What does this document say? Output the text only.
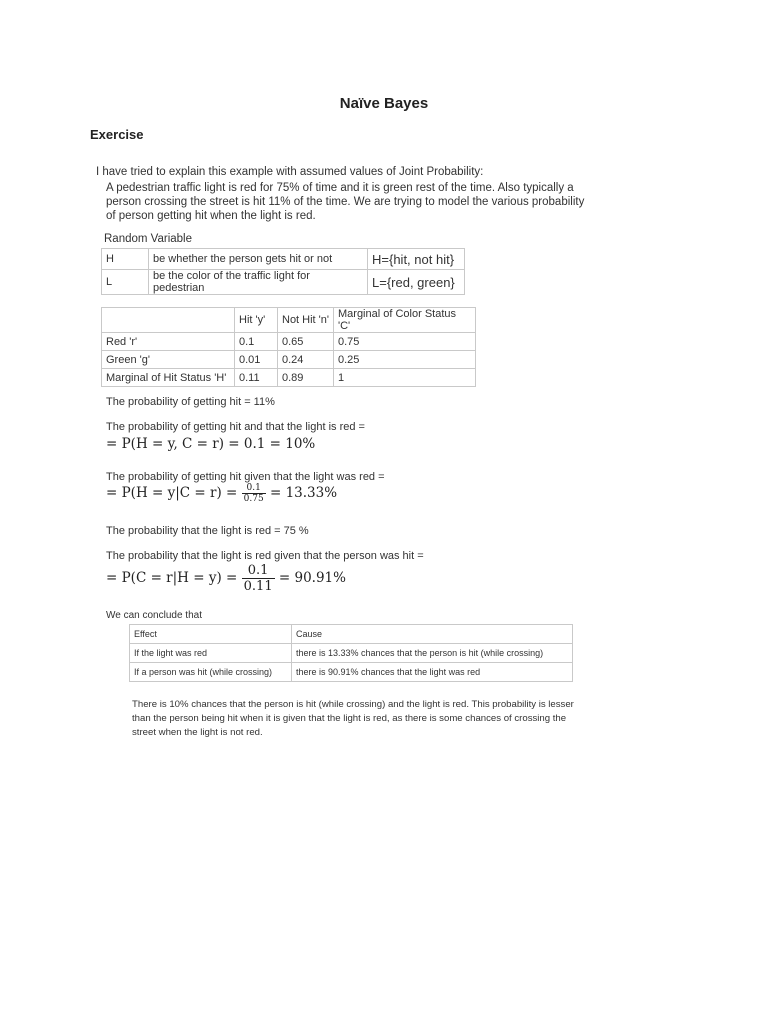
Naïve Bayes
Exercise
I have tried to explain this example with assumed values of Joint Probability:
A pedestrian traffic light is red for 75% of time and it is green rest of the time. Also typically a person crossing the street is hit 11% of the time. We are trying to model the various probability of person getting hit when the light is red.
Random Variable
H	be whether the person gets hit or not	H={hit, not hit}
L	be the color of the traffic light for pedestrian	L={red, green}
	Hit 'y'	Not Hit 'n'	Marginal of Color Status 'C'
Red 'r'	0.1	0.65	0.75
Green 'g'	0.01	0.24	0.25
Marginal of Hit Status 'H'	0.11	0.89	1
The probability of getting hit = 11%
The probability of getting hit and that the light is red =
= P(H = y, C = r) = 0.1 = 10%
The probability of getting hit given that the light was red =
= $P(H = y|C = r) = \frac{0.1}{0.75} = 13.33\%$
The probability that the light is red = 75 %
The probability that the light is red given that the person was hit =
= $P(C = r|H = y) = \frac{0.1}{0.11} = 90.91\%$
We can conclude that
Effect	Cause
If the light was red	there is 13.33% chances that the person is hit (while crossing)
If a person was hit (while crossing)	there is 90.91% chances that the light was red
There is 10% chances that the person is hit (while crossing) and the light is red. This probability is lesser than the person being hit when it is given that the light is red, as there is some chances of crossing the street when the light is not red.
